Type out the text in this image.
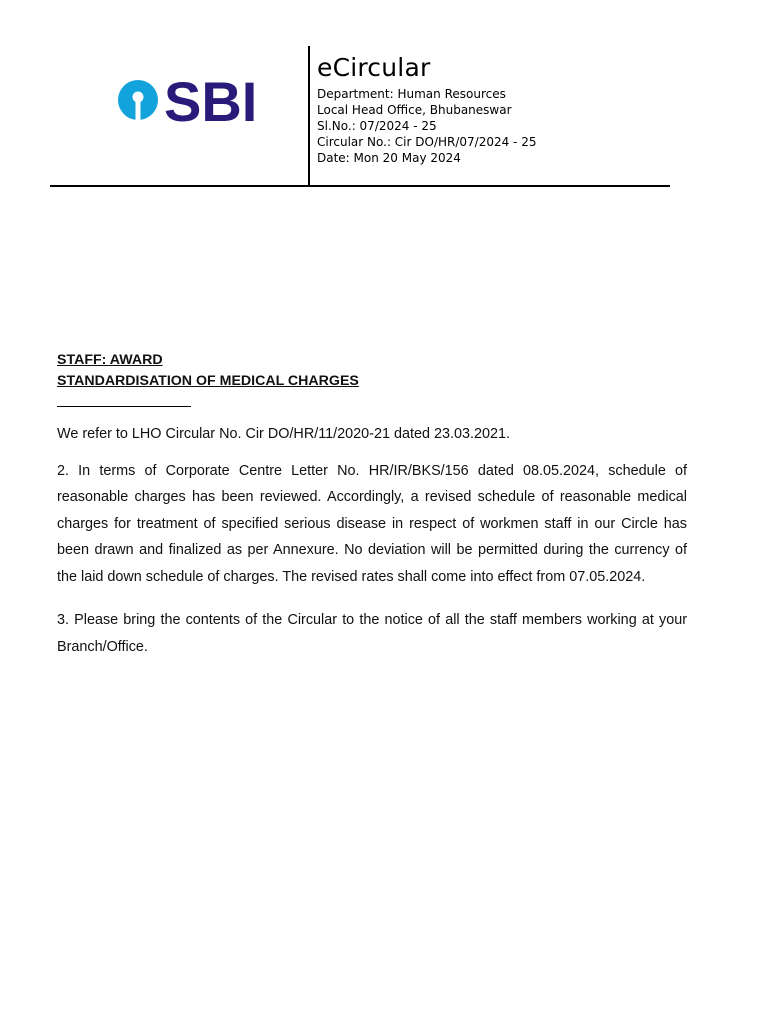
SBI
eCircular
Department: Human Resources
Local Head Office, Bhubaneswar
Sl.No.: 07/2024 - 25
Circular No.: Cir DO/HR/07/2024 - 25
Date: Mon 20 May 2024
STAFF: AWARD
STANDARDISATION OF MEDICAL CHARGES

We refer to LHO Circular No. Cir DO/HR/11/2020-21 dated 23.03.2021.

2. In terms of Corporate Centre Letter No. HR/IR/BKS/156 dated 08.05.2024, schedule of reasonable charges has been reviewed. Accordingly, a revised schedule of reasonable medical charges for treatment of specified serious disease in respect of workmen staff in our Circle has been drawn and finalized as per Annexure. No deviation will be permitted during the currency of the laid down schedule of charges. The revised rates shall come into effect from 07.05.2024.

3. Please bring the contents of the Circular to the notice of all the staff members working at your Branch/Office.
